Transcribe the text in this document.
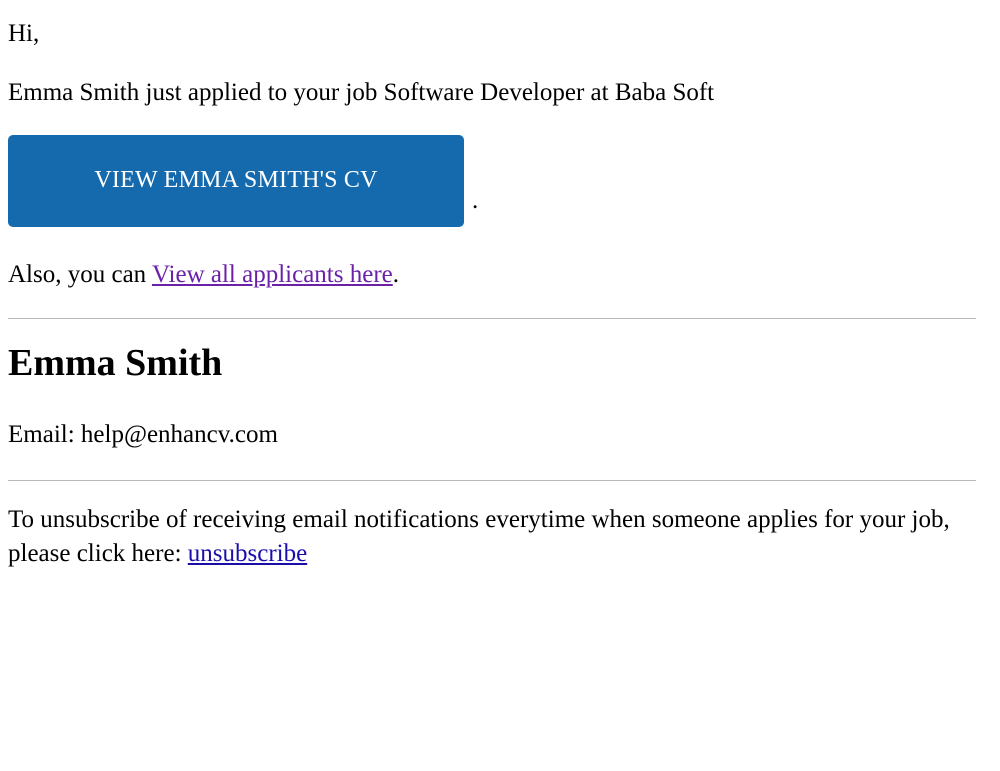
Hi,

Emma Smith just applied to your job Software Developer at Baba Soft

VIEW EMMA SMITH'S CV
.

Also, you can View all applicants here.

Emma Smith

Email: help@enhancv.com

To unsubscribe of receiving email notifications everytime when someone applies for your job, please click here: unsubscribe
